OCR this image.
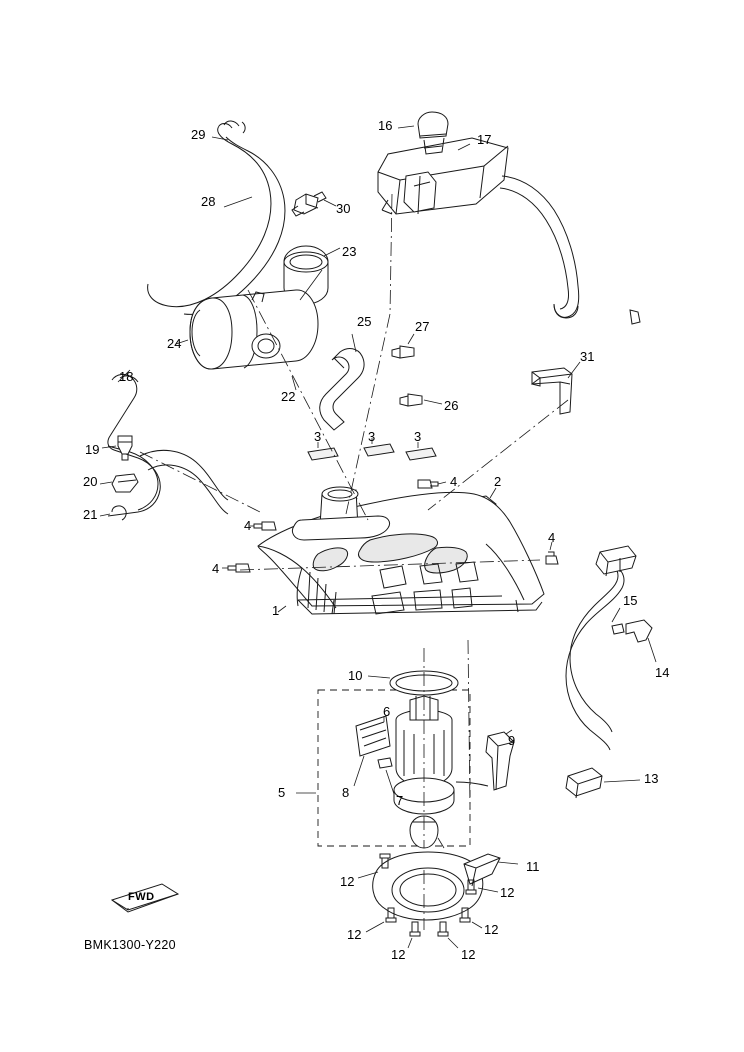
1
2
3	3	3
4
4
4
4
5
6
7
8
9
10
11
12
12
12
12
12
12
13
14
15
16
17
18
19
20
21
22
23
24
25
26
27
28
29
30
31
FWD
BMK1300-Y220
